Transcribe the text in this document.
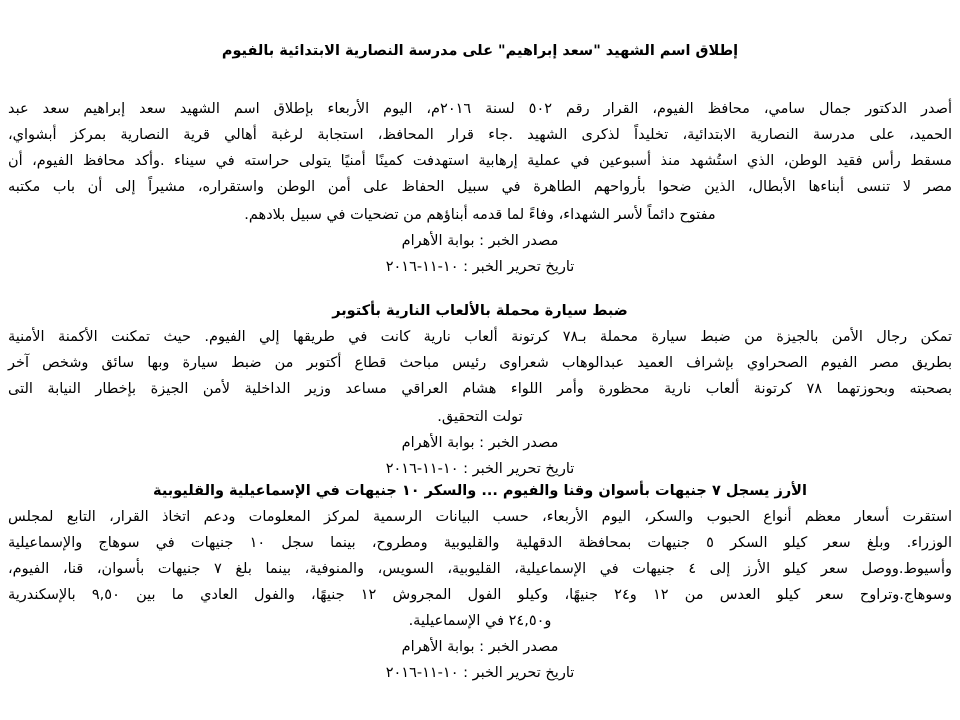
إطلاق اسم الشهيد "سعد إبراهيم" على مدرسة النصارية الابتدائية بالفيوم
أصدر الدكتور جمال سامي، محافظ الفيوم، القرار رقم ٥٠٢ لسنة ٢٠١٦م، اليوم الأربعاء بإطلاق اسم الشهيد سعد إبراهيم سعد عبد
الحميد، على مدرسة النصارية الابتدائية، تخليداً لذكرى الشهيد .جاء قرار المحافظ، استجابة لرغبة أهالي قرية النصارية بمركز أبشواي،
مسقط رأس فقيد الوطن، الذي استُشهد منذ أسبوعين في عملية إرهابية استهدفت كمينًا أمنيًا يتولى حراسته في سيناء .وأكد محافظ الفيوم، أن
مصر لا تنسى أبناءها الأبطال، الذين ضحوا بأرواحهم الطاهرة في سبيل الحفاظ على أمن الوطن واستقراره، مشيراً إلى أن باب مكتبه
مفتوح دائماً لأسر الشهداء، وفاءً لما قدمه أبناؤهم من تضحيات في سبيل بلادهم.
مصدر الخبر : بوابة الأهرام
تاريخ تحرير الخبر : ١٠-١١-٢٠١٦
ضبط سيارة محملة بالألعاب النارية بأكتوبر
تمكن رجال الأمن بالجيزة من ضبط سيارة محملة بـ٧٨ كرتونة ألعاب نارية كانت في طريقها إلي الفيوم. حيث تمكنت الأكمنة الأمنية
بطريق مصر الفيوم الصحراوي بإشراف العميد عبدالوهاب شعراوى رئيس مباحث قطاع أكتوبر من ضبط سيارة وبها سائق وشخص آخر
بصحبته وبحوزتهما ٧٨ كرتونة ألعاب نارية محظورة وأمر اللواء هشام العراقي مساعد وزير الداخلية لأمن الجيزة بإخطار النيابة التى
تولت التحقيق.
مصدر الخبر : بوابة الأهرام
تاريخ تحرير الخبر : ١٠-١١-٢٠١٦
الأرز يسجل ٧ جنيهات بأسوان وقنا والفيوم ... والسكر ١٠ جنيهات في الإسماعيلية والقليوبية
استقرت أسعار معظم أنواع الحبوب والسكر، اليوم الأربعاء، حسب البيانات الرسمية لمركز المعلومات ودعم اتخاذ القرار، التابع لمجلس
الوزراء. وبلغ سعر كيلو السكر ٥ جنيهات بمحافظة الدقهلية والقليوبية ومطروح، بينما سجل ١٠ جنيهات في سوهاج والإسماعيلية
وأسيوط.ووصل سعر كيلو الأرز إلى ٤ جنيهات في الإسماعيلية، القليوبية، السويس، والمنوفية، بينما بلغ ٧ جنيهات بأسوان، قنا، الفيوم،
وسوهاج.وتراوح سعر كيلو العدس من ١٢ و٢٤ جنيهًا، وكيلو الفول المجروش ١٢ جنيهًا، والفول العادي ما بين ٩,٥٠ بالإسكندرية
و٢٤,٥٠ في الإسماعيلية.
مصدر الخبر : بوابة الأهرام
تاريخ تحرير الخبر : ١٠-١١-٢٠١٦
